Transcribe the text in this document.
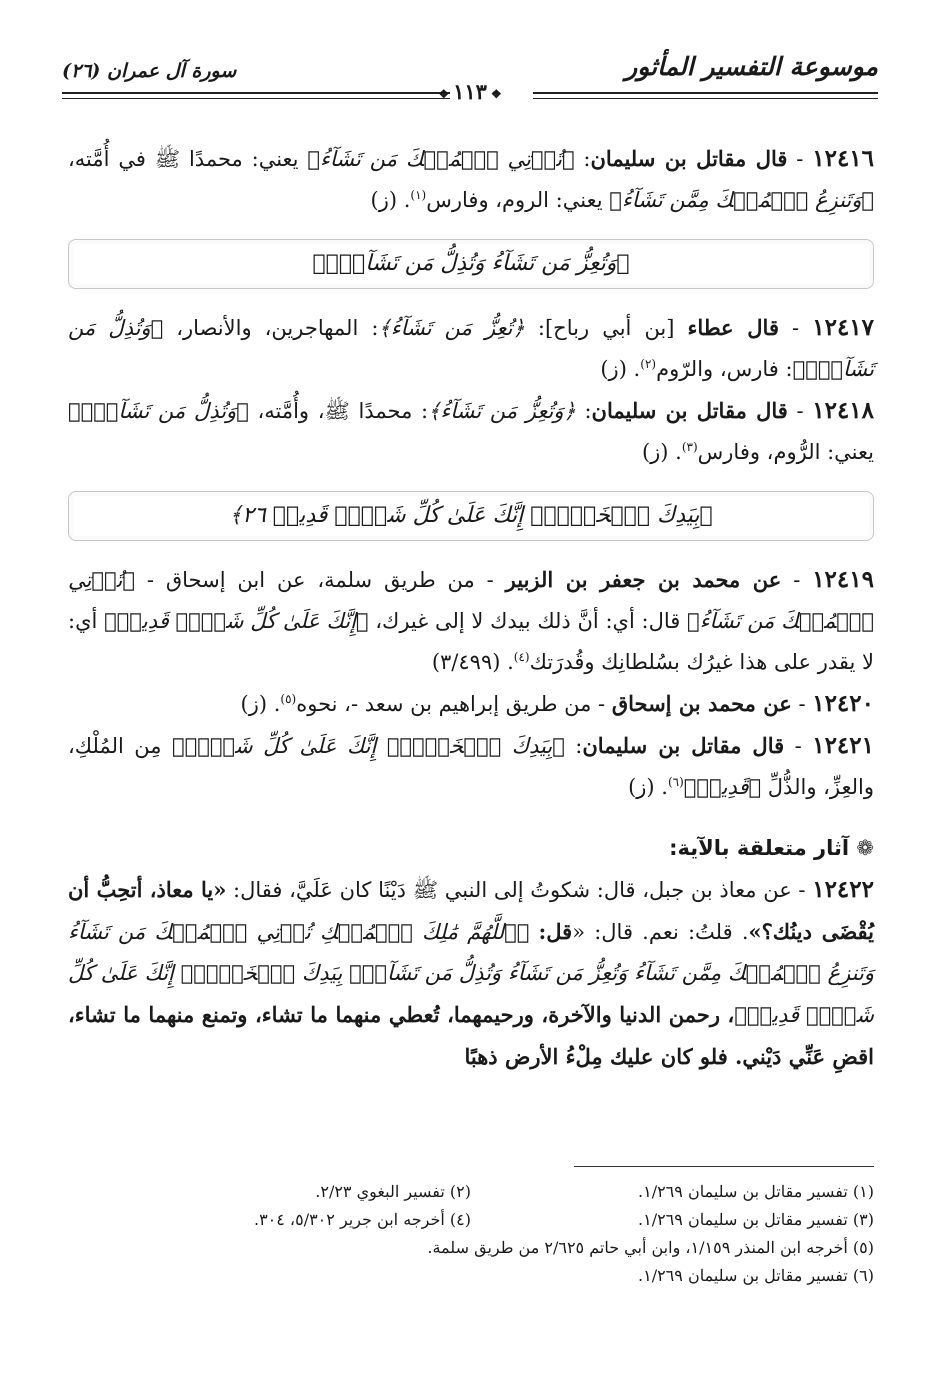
موسوعة التفسير المأثور
سورة آل عمران (٢٦)
❖١١٣❖

١٢٤١٦ - قال مقاتل بن سليمان: ﴿تُؤۡتِي ٱلۡمُلۡكَ مَن تَشَآءُ﴾ يعني: محمدًا ﷺ في أُمَّته، ﴿وَتَنزِعُ ٱلۡمُلۡكَ مِمَّن تَشَآءُ﴾ يعني: الروم، وفارس$^{(١)}$. (ز)

﴿وَتُعِزُّ مَن تَشَآءُ وَتُذِلُّ مَن تَشَآءُۖ﴾

١٢٤١٧ - قال عطاء [بن أبي رباح]: ﴿تُعِزُّ مَن تَشَآءُ﴾: المهاجرين، والأنصار، ﴿وَتُذِلُّ مَن تَشَآءُۖ﴾: فارس، والرّوم$^{(٢)}$. (ز)

١٢٤١٨ - قال مقاتل بن سليمان: ﴿وَتُعِزُّ مَن تَشَآءُ﴾: محمدًا ﷺ، وأُمَّته، ﴿وَتُذِلُّ مَن تَشَآءُۖ﴾ يعني: الرُّوم، وفارس$^{(٣)}$. (ز)

﴿بِيَدِكَ ٱلۡخَيۡرُۖ إِنَّكَ عَلَىٰ كُلِّ شَيۡءٖ قَدِيرٞ ٢٦﴾

١٢٤١٩ - عن محمد بن جعفر بن الزبير - من طريق سلمة، عن ابن إسحاق - ﴿تُؤۡتِي ٱلۡمُلۡكَ مَن تَشَآءُ﴾ قال: أي: أنَّ ذلك بيدك لا إلى غيرك، ﴿إِنَّكَ عَلَىٰ كُلِّ شَيۡءٖ قَدِيرٞ﴾ أي: لا يقدر على هذا غيرُك بسُلطانِك وقُدرَتك$^{(٤)}$. (٣/٤٩٩)

١٢٤٢٠ - عن محمد بن إسحاق - من طريق إبراهيم بن سعد -، نحوه$^{(٥)}$. (ز)

١٢٤٢١ - قال مقاتل بن سليمان: ﴿بِيَدِكَ ٱلۡخَيۡرُۖ إِنَّكَ عَلَىٰ كُلِّ شَيۡءٖ﴾ مِن المُلْكِ، والعِزِّ، والذُّلِّ ﴿قَدِيرٞ﴾$^{(٦)}$. (ز)

❁ آثار متعلقة بالآية:

١٢٤٢٢ - عن معاذ بن جبل، قال: شكوتُ إلى النبي ﷺ دَيْنًا كان عَلَيَّ، فقال: «يا معاذ، أتحِبُّ أن يُقْضَى دينُك؟». قلتُ: نعم. قال: «قل: ﴿ٱللَّهُمَّ مَٰلِكَ ٱلۡمُلۡكِ تُؤۡتِي ٱلۡمُلۡكَ مَن تَشَآءُ وَتَنزِعُ ٱلۡمُلۡكَ مِمَّن تَشَآءُ وَتُعِزُّ مَن تَشَآءُ وَتُذِلُّ مَن تَشَآءُۖ بِيَدِكَ ٱلۡخَيۡرُۖ إِنَّكَ عَلَىٰ كُلِّ شَيۡءٖ قَدِيرٞ﴾، رحمن الدنيا والآخرة، ورحيمهما، تُعطي منهما ما تشاء، وتمنع منهما ما تشاء، اقضِ عَنِّي دَيْني. فلو كان عليك مِلْءُ الأرض ذهبًا

(١) تفسير مقاتل بن سليمان ١/٢٦٩.
(٢) تفسير البغوي ٢/٢٣.
(٣) تفسير مقاتل بن سليمان ١/٢٦٩.
(٤) أخرجه ابن جرير ٥/٣٠٢، ٣٠٤.
(٥) أخرجه ابن المنذر ١/١٥٩، وابن أبي حاتم ٢/٦٢٥ من طريق سلمة.
(٦) تفسير مقاتل بن سليمان ١/٢٦٩.
